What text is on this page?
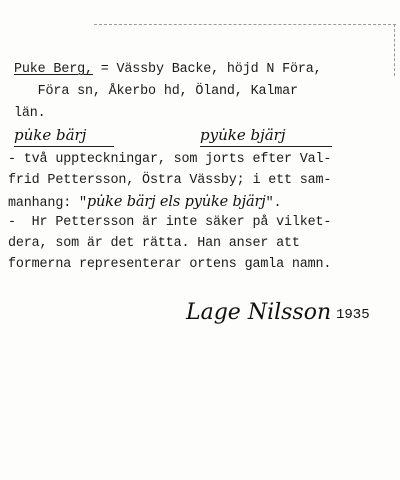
Puke Berg, = Vässby Backe, höjd N Föra,
Föra sn, Åkerbo hd, Öland, Kalmar
län.
pu̇ke bärj	pyu̇ke bjärj
- två uppteckningar, som jorts efter Val-
frid Pettersson, Östra Vässby; i ett sam-
manhang: "pu̇ke bärj els pyu̇ke bjärj".
-  Hr Pettersson är inte säker på vilket-
dera, som är det rätta. Han anser att
formerna representerar ortens gamla namn.
Lage Nilsson 1935
